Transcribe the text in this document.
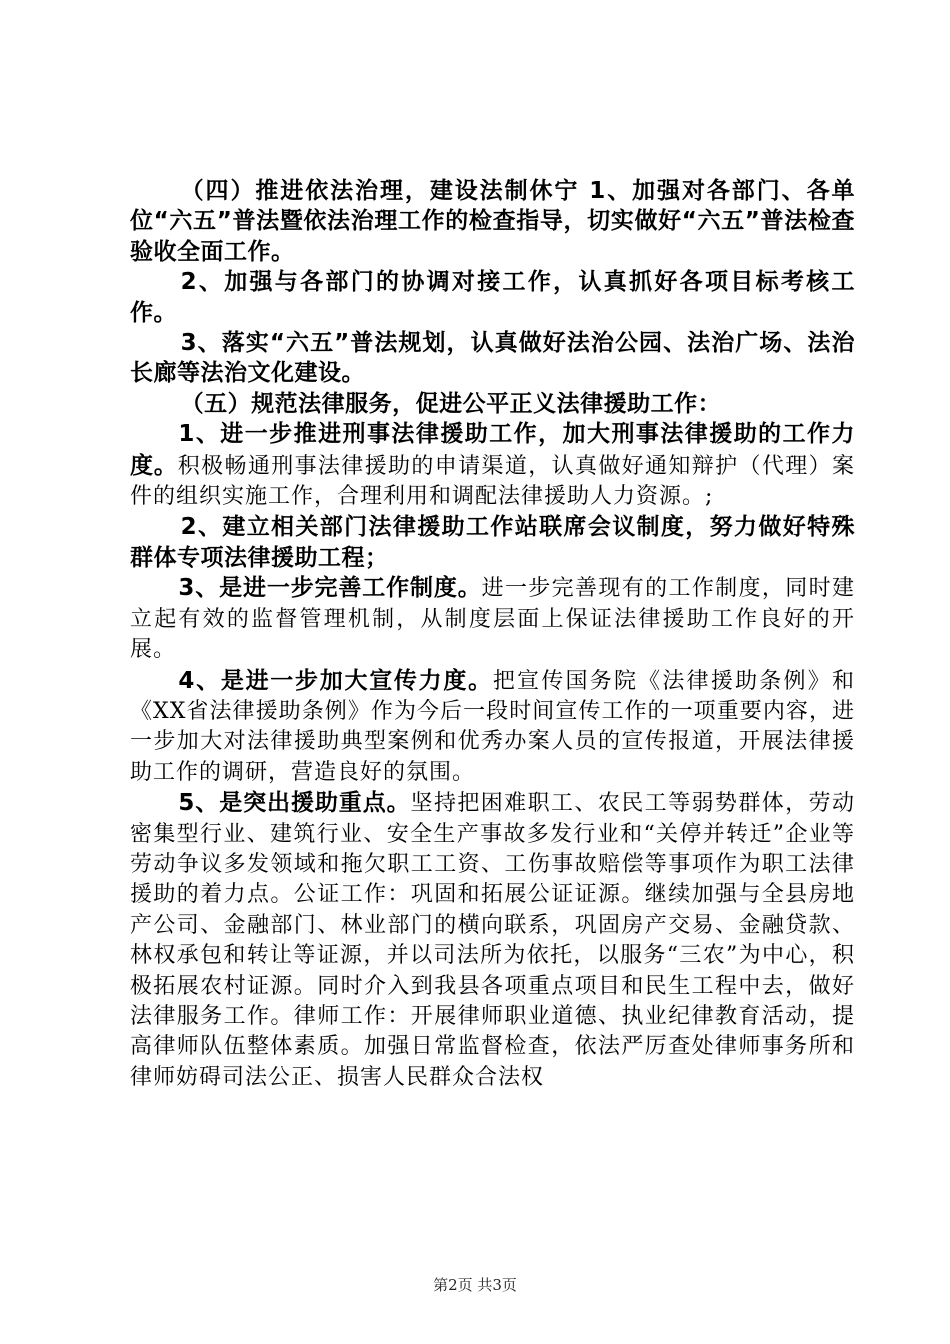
（四）推进依法治理，建设法制休宁 1、加强对各部门、各单位“六五”普法暨依法治理工作的检查指导，切实做好“六五”普法检查验收全面工作。

2、加强与各部门的协调对接工作，认真抓好各项目标考核工作。

3、落实“六五”普法规划，认真做好法治公园、法治广场、法治长廊等法治文化建设。

（五）规范法律服务，促进公平正义法律援助工作：

1、进一步推进刑事法律援助工作，加大刑事法律援助的工作力度。积极畅通刑事法律援助的申请渠道，认真做好通知辩护（代理）案件的组织实施工作，合理利用和调配法律援助人力资源。;

2、建立相关部门法律援助工作站联席会议制度，努力做好特殊群体专项法律援助工程；

3、是进一步完善工作制度。进一步完善现有的工作制度，同时建立起有效的监督管理机制，从制度层面上保证法律援助工作良好的开展。

4、是进一步加大宣传力度。把宣传国务院《法律援助条例》和《XX省法律援助条例》作为今后一段时间宣传工作的一项重要内容，进一步加大对法律援助典型案例和优秀办案人员的宣传报道，开展法律援助工作的调研，营造良好的氛围。

5、是突出援助重点。坚持把困难职工、农民工等弱势群体，劳动密集型行业、建筑行业、安全生产事故多发行业和“关停并转迁”企业等劳动争议多发领域和拖欠职工工资、工伤事故赔偿等事项作为职工法律援助的着力点。公证工作：巩固和拓展公证证源。继续加强与全县房地产公司、金融部门、林业部门的横向联系，巩固房产交易、金融贷款、林权承包和转让等证源，并以司法所为依托，以服务“三农”为中心，积极拓展农村证源。同时介入到我县各项重点项目和民生工程中去，做好法律服务工作。律师工作：开展律师职业道德、执业纪律教育活动，提高律师队伍整体素质。加强日常监督检查，依法严厉查处律师事务所和律师妨碍司法公正、损害人民群众合法权

第2页 共3页
